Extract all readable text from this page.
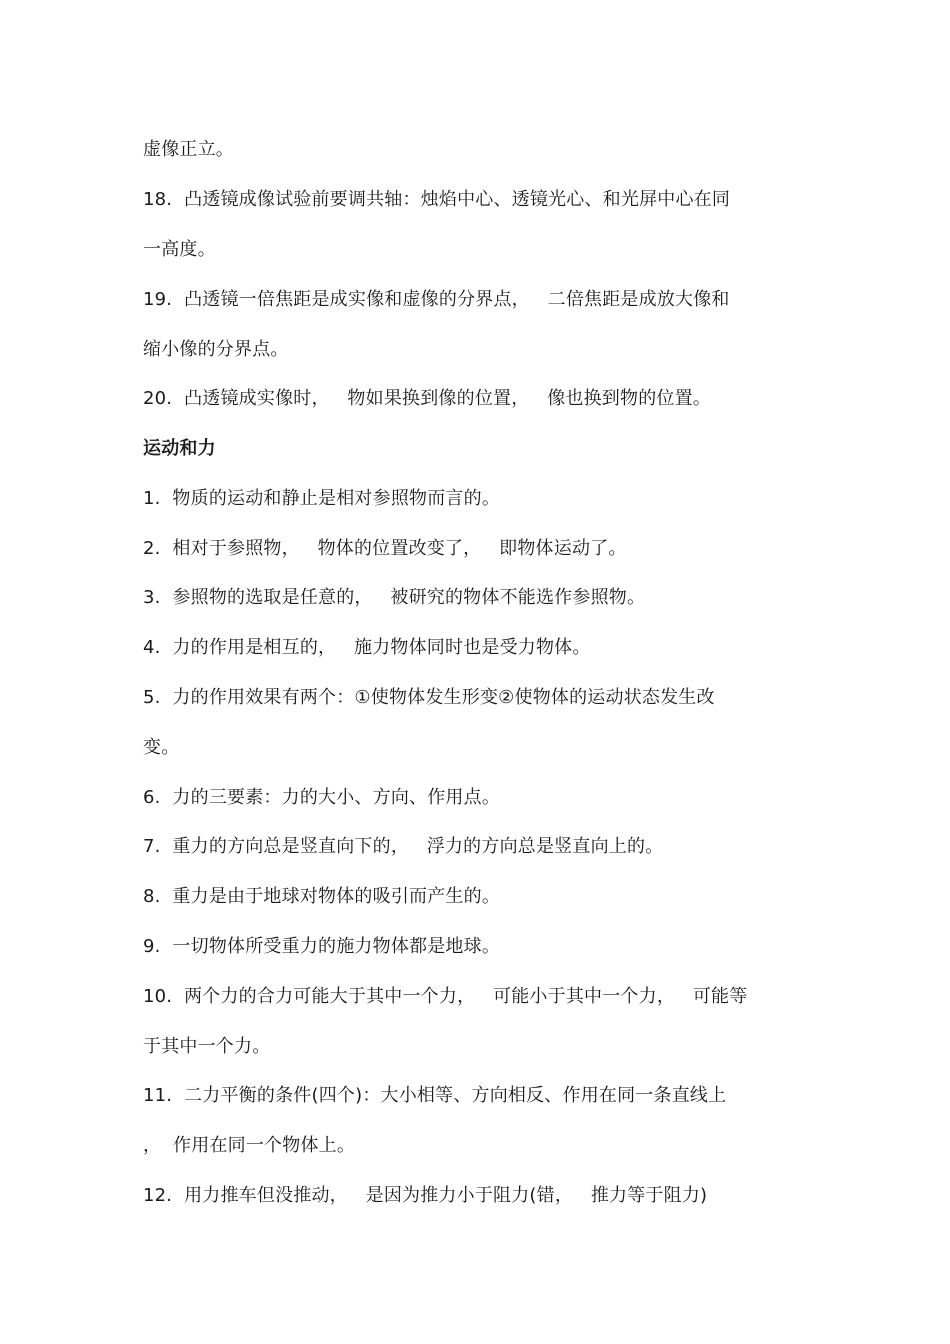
虚像正立。
18.  凸透镜成像试验前要调共轴：烛焰中心、透镜光心、和光屏中心在同
一高度。
19.  凸透镜一倍焦距是成实像和虚像的分界点，   二倍焦距是成放大像和
缩小像的分界点。
20.  凸透镜成实像时，   物如果换到像的位置，   像也换到物的位置。
运动和力
1.  物质的运动和静止是相对参照物而言的。
2.  相对于参照物，   物体的位置改变了，   即物体运动了。
3.  参照物的选取是任意的，   被研究的物体不能选作参照物。
4.  力的作用是相互的，   施力物体同时也是受力物体。
5.  力的作用效果有两个：①使物体发生形变②使物体的运动状态发生改
变。
6.  力的三要素：力的大小、方向、作用点。
7.  重力的方向总是竖直向下的，   浮力的方向总是竖直向上的。
8.  重力是由于地球对物体的吸引而产生的。
9.  一切物体所受重力的施力物体都是地球。
10.  两个力的合力可能大于其中一个力，   可能小于其中一个力，   可能等
于其中一个力。
11.  二力平衡的条件(四个)：大小相等、方向相反、作用在同一条直线上
，  作用在同一个物体上。
12.  用力推车但没推动，   是因为推力小于阻力(错，   推力等于阻力)
